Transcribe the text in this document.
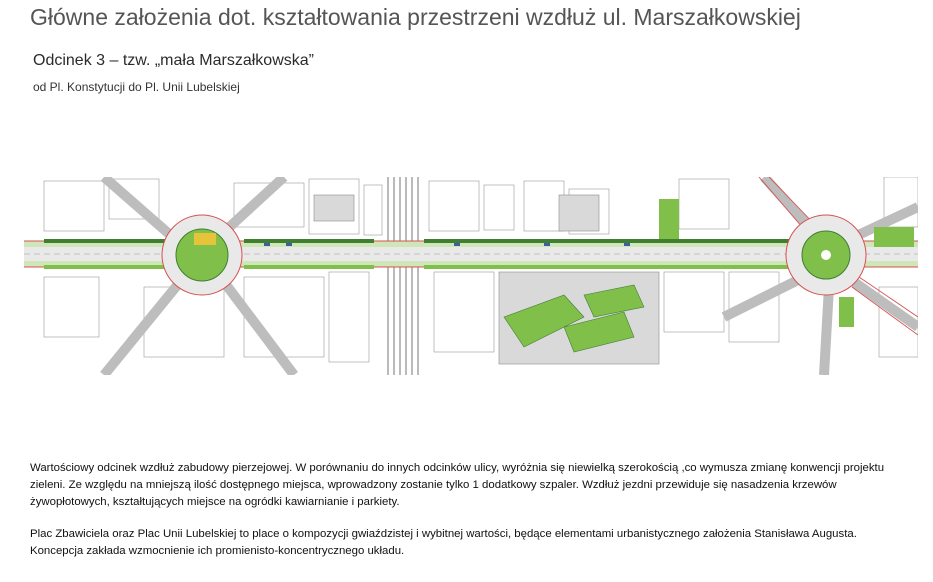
Główne założenia dot. kształtowania przestrzeni wzdłuż ul. Marszałkowskiej
Odcinek 3 – tzw. „mała Marszałkowska”
od Pl. Konstytucji do Pl. Unii Lubelskiej

Wartościowy odcinek wzdłuż zabudowy pierzejowej. W porównaniu do innych odcinków ulicy, wyróżnia się niewielką szerokością ,co wymusza zmianę konwencji projektu zieleni. Ze względu na mniejszą ilość dostępnego miejsca, wprowadzony zostanie tylko 1 dodatkowy szpaler. Wzdłuż jezdni przewiduje się nasadzenia krzewów żywopłotowych, kształtujących miejsce na ogródki kawiarnianie i parkiety.

Plac Zbawiciela oraz Plac Unii Lubelskiej to place o kompozycji gwiaździstej i wybitnej wartości, będące elementami urbanistycznego założenia Stanisława Augusta. Koncepcja zakłada wzmocnienie ich promienisto-koncentrycznego układu.
